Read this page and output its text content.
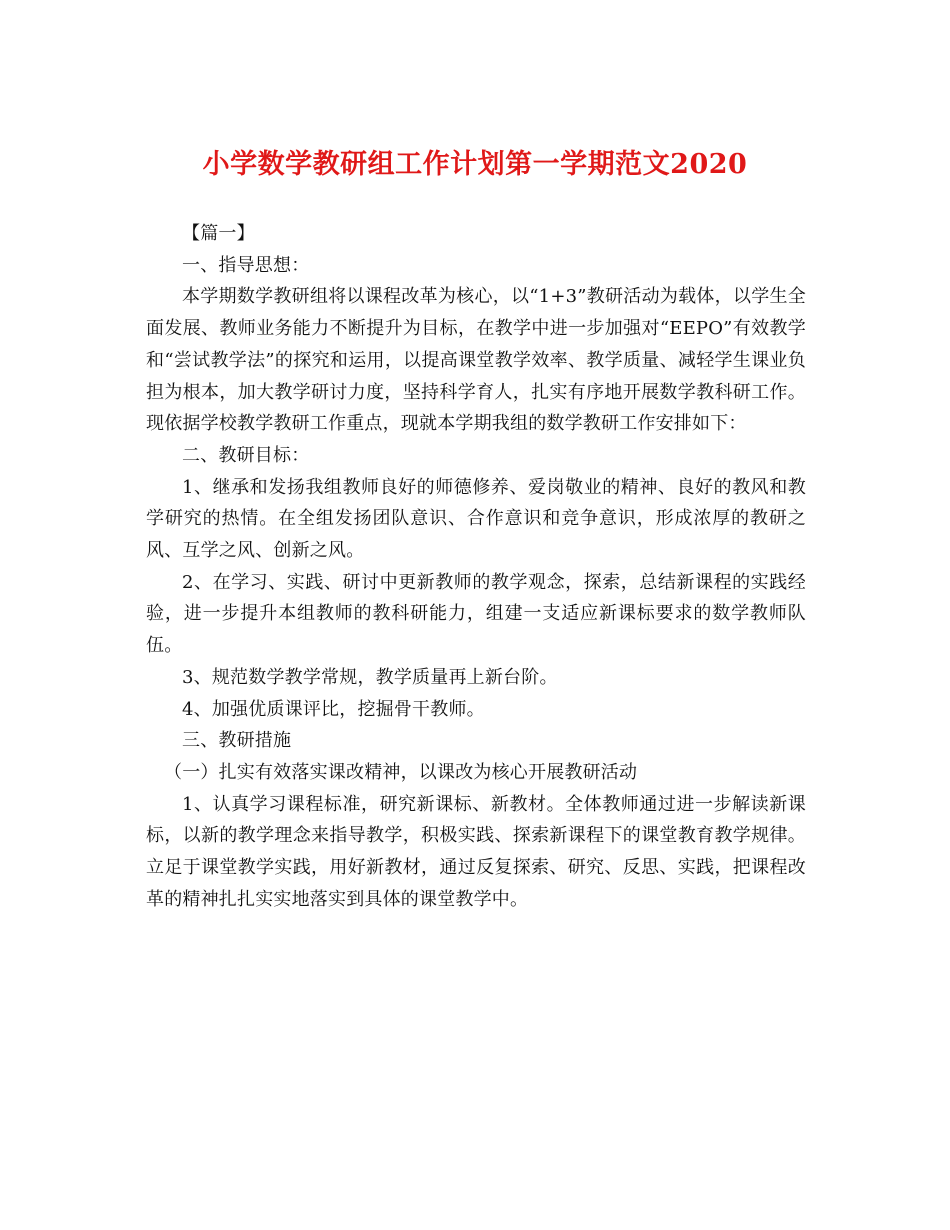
小学数学教研组工作计划第一学期范文2020

【篇一】

一、指导思想：

本学期数学教研组将以课程改革为核心，以“1+3”教研活动为载体，以学生全面发展、教师业务能力不断提升为目标，在教学中进一步加强对“EEPO”有效教学和“尝试教学法”的探究和运用，以提高课堂教学效率、教学质量、减轻学生课业负担为根本，加大教学研讨力度，坚持科学育人，扎实有序地开展数学教科研工作。现依据学校教学教研工作重点，现就本学期我组的数学教研工作安排如下：

二、教研目标：

1、继承和发扬我组教师良好的师德修养、爱岗敬业的精神、良好的教风和教学研究的热情。在全组发扬团队意识、合作意识和竞争意识，形成浓厚的教研之风、互学之风、创新之风。

2、在学习、实践、研讨中更新教师的教学观念，探索，总结新课程的实践经验，进一步提升本组教师的教科研能力，组建一支适应新课标要求的数学教师队伍。

3、规范数学教学常规，教学质量再上新台阶。

4、加强优质课评比，挖掘骨干教师。

三、教研措施

（一）扎实有效落实课改精神，以课改为核心开展教研活动

1、认真学习课程标准，研究新课标、新教材。全体教师通过进一步解读新课标，以新的教学理念来指导教学，积极实践、探索新课程下的课堂教育教学规律。立足于课堂教学实践，用好新教材，通过反复探索、研究、反思、实践，把课程改革的精神扎扎实实地落实到具体的课堂教学中。
